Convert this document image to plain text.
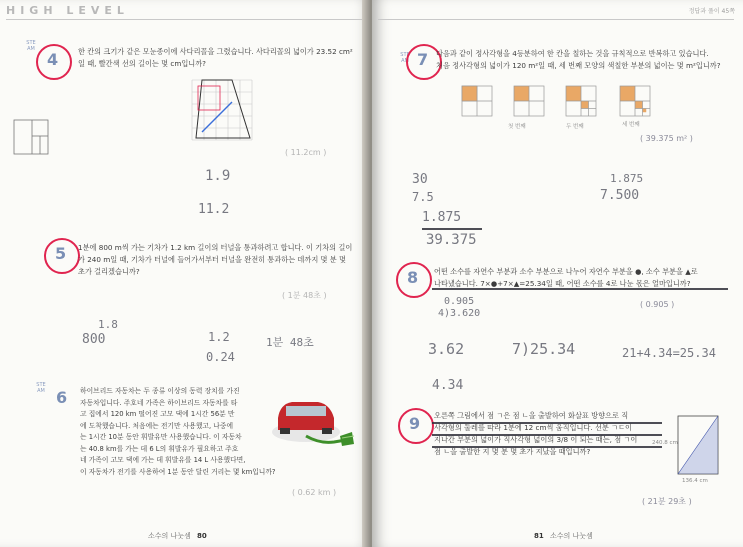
HIGH LEVEL
STE
AM
4	한 칸의 크기가 같은 모눈종이에 사다리꼴을 그렸습니다. 사다리꼴의 넓이가 23.52 cm²
일 때, 빨간색 선의 길이는 몇 cm입니까?
( 11.2cm )
1.9
11.2
5 1분에 800 m씩 가는 기차가 1.2 km 길이의 터널을 통과하려고 합니다. 이 기차의 길이
가 240 m일 때, 기차가 터널에 들어가서부터 터널을 완전히 통과하는 데까지 몇 분 몇
초가 걸리겠습니까?
( 1분 48초 )
1.8
800	1.2
0.24
1분 48초
STE
AM 6 하이브리드 자동차는 두 종류 이상의 동력 장치를 가진
자동차입니다. 주호네 가족은 하이브리드 자동차를 타
고 집에서 120 km 떨어진 고모 댁에 1시간 56분 만
에 도착했습니다. 처음에는 전기만 사용했고, 나중에
는 1시간 10분 동안 휘발유만 사용했습니다. 이 자동차
는 40.8 km를 가는 데 6 L의 휘발유가 필요하고 주호
네 가족이 고모 댁에 가는 데 휘발유를 14 L 사용했다면,
이 자동차가 전기를 사용하여 1분 동안 달린 거리는 몇 km입니까?
( 0.62 km )
소수의 나눗셈 80
정답과 풀이 45쪽
STE
AM 7 다음과 같이 정사각형을 4등분하여 한 칸을 칠하는 것을 규칙적으로 반복하고 있습니다.
처음 정사각형의 넓이가 120 m²일 때, 세 번째 모양의 색칠한 부분의 넓이는 몇 m²입니까?
첫 번째	두 번째	세 번째
( 39.375 m² )
30
7.5
1.875
39.375
1.875
7.500
8 어떤 소수를 자연수 부분과 소수 부분으로 나누어 자연수 부분을 ●, 소수 부분을 ▲로
나타냈습니다. 7×●+7×▲=25.34일 때, 어떤 소수를 4로 나눈 몫은 얼마입니까?
( 0.905 )
0.905
4)3.620
3.62	7)25.34	21+4.34=25.34
4.34
9 오른쪽 그림에서 점 ㄱ은 점 ㄴ을 출발하여 화살표 방향으로 직
사각형의 둘레를 따라 1분에 12 cm씩 움직입니다. 선분 ㄱㄷ이
지나간 부분의 넓이가 직사각형 넓이의 3/8 이 되는 때는, 점 ㄱ이
점 ㄴ을 출발한 지 몇 분 몇 초가 지났을 때입니까?
240.8 cm
136.4 cm
( 21분 29초 )
81 소수의 나눗셈
